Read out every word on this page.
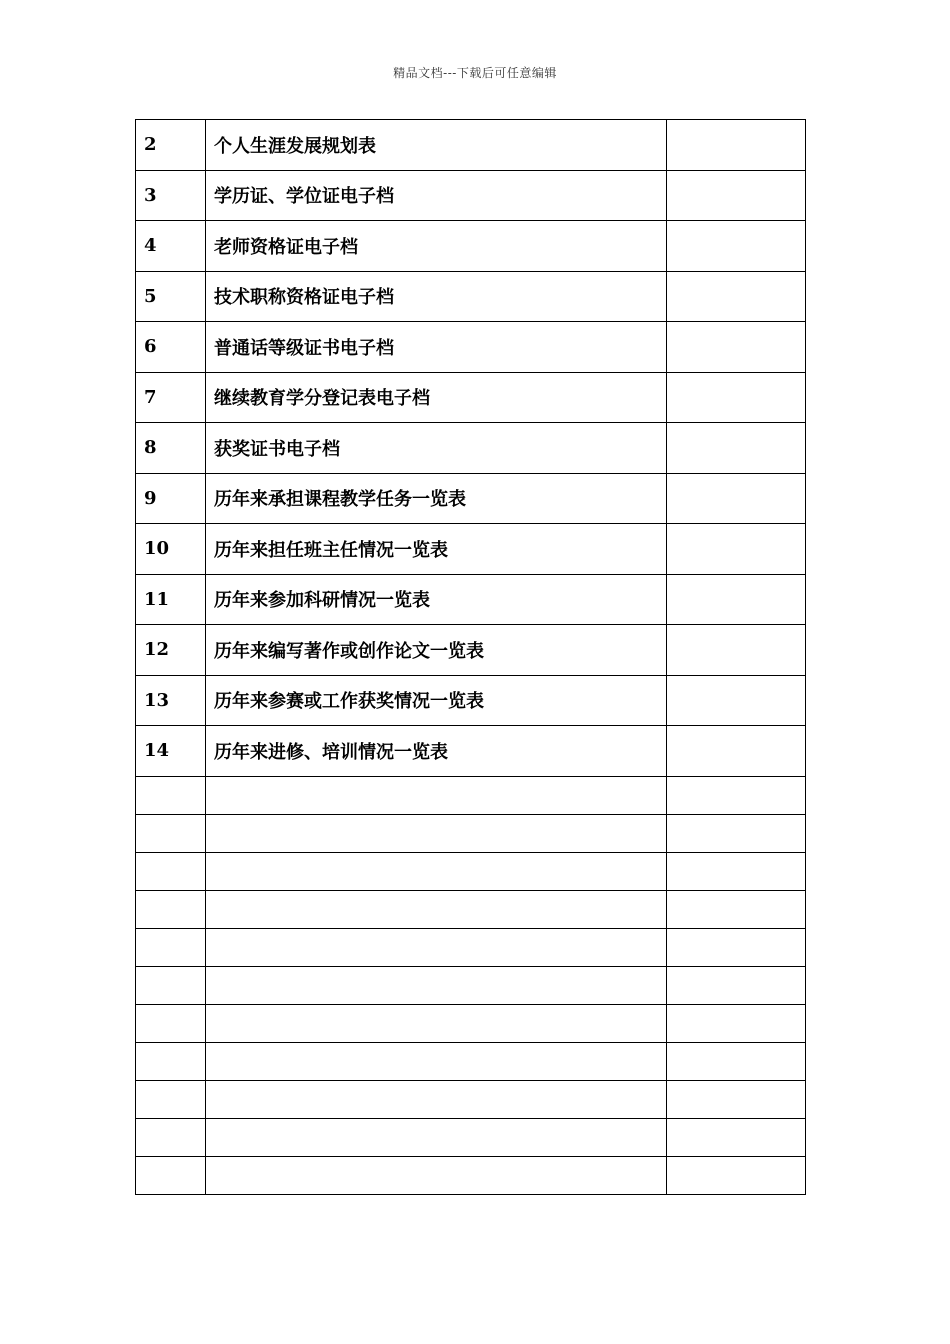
精品文档---下载后可任意编辑
2	个人生涯发展规划表	
3	学历证、学位证电子档	
4	老师资格证电子档	
5	技术职称资格证电子档	
6	普通话等级证书电子档	
7	继续教育学分登记表电子档	
8	获奖证书电子档	
9	历年来承担课程教学任务一览表	
10	历年来担任班主任情况一览表	
11	历年来参加科研情况一览表	
12	历年来编写著作或创作论文一览表	
13	历年来参赛或工作获奖情况一览表	
14	历年来进修、培训情况一览表	
